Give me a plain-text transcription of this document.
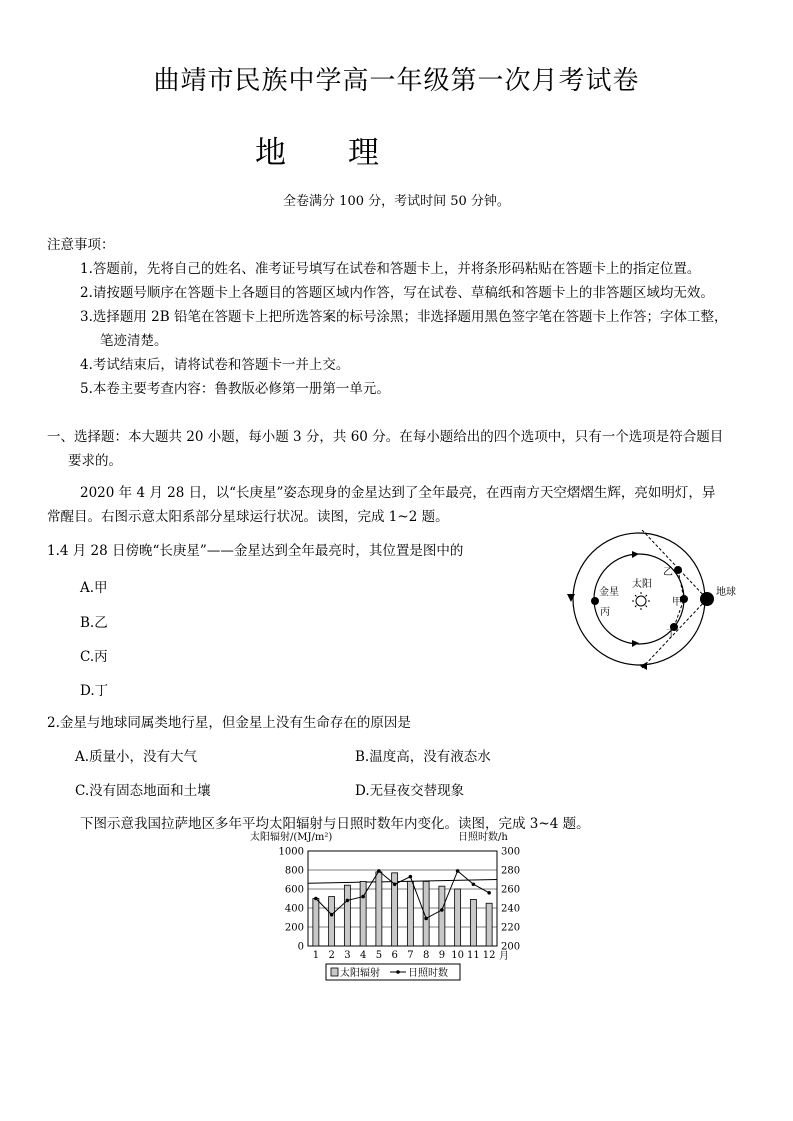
曲靖市民族中学高一年级第一次月考试卷
地 理
全卷满分 100 分，考试时间 50 分钟。
注意事项：
1.答题前，先将自己的姓名、准考证号填写在试卷和答题卡上，并将条形码粘贴在答题卡上的指定位置。
2.请按题号顺序在答题卡上各题目的答题区域内作答，写在试卷、草稿纸和答题卡上的非答题区域均无效。
3.选择题用 2B 铅笔在答题卡上把所选答案的标号涂黑；非选择题用黑色签字笔在答题卡上作答；字体工整，
笔迹清楚。
4.考试结束后，请将试卷和答题卡一并上交。
5.本卷主要考查内容：鲁教版必修第一册第一单元。
一、选择题：本大题共 20 小题，每小题 3 分，共 60 分。在每小题给出的四个选项中，只有一个选项是符合题目
要求的。
2020 年 4 月 28 日，以“长庚星”姿态现身的金星达到了全年最亮，在西南方天空熠熠生辉，亮如明灯，异
常醒目。右图示意太阳系部分星球运行状况。读图，完成 1~2 题。
1.4 月 28 日傍晚“长庚星”——金星达到全年最亮时，其位置是图中的
A.甲
B.乙
C.丙
D.丁
太阳
金星
丙
乙
甲
丁
地球
2.金星与地球同属类地行星，但金星上没有生命存在的原因是
A.质量小，没有大气	B.温度高，没有液态水
C.没有固态地面和土壤	D.无昼夜交替现象
下图示意我国拉萨地区多年平均太阳辐射与日照时数年内变化。读图，完成 3~4 题。
太阳辐射/(MJ/m²)	日照时数/h
0
200
400
600
800
1000
200
220
240
260
280
300
1 2 3 4 5 6 7 8 9 10 11 12 月
太阳辐射	日照时数
